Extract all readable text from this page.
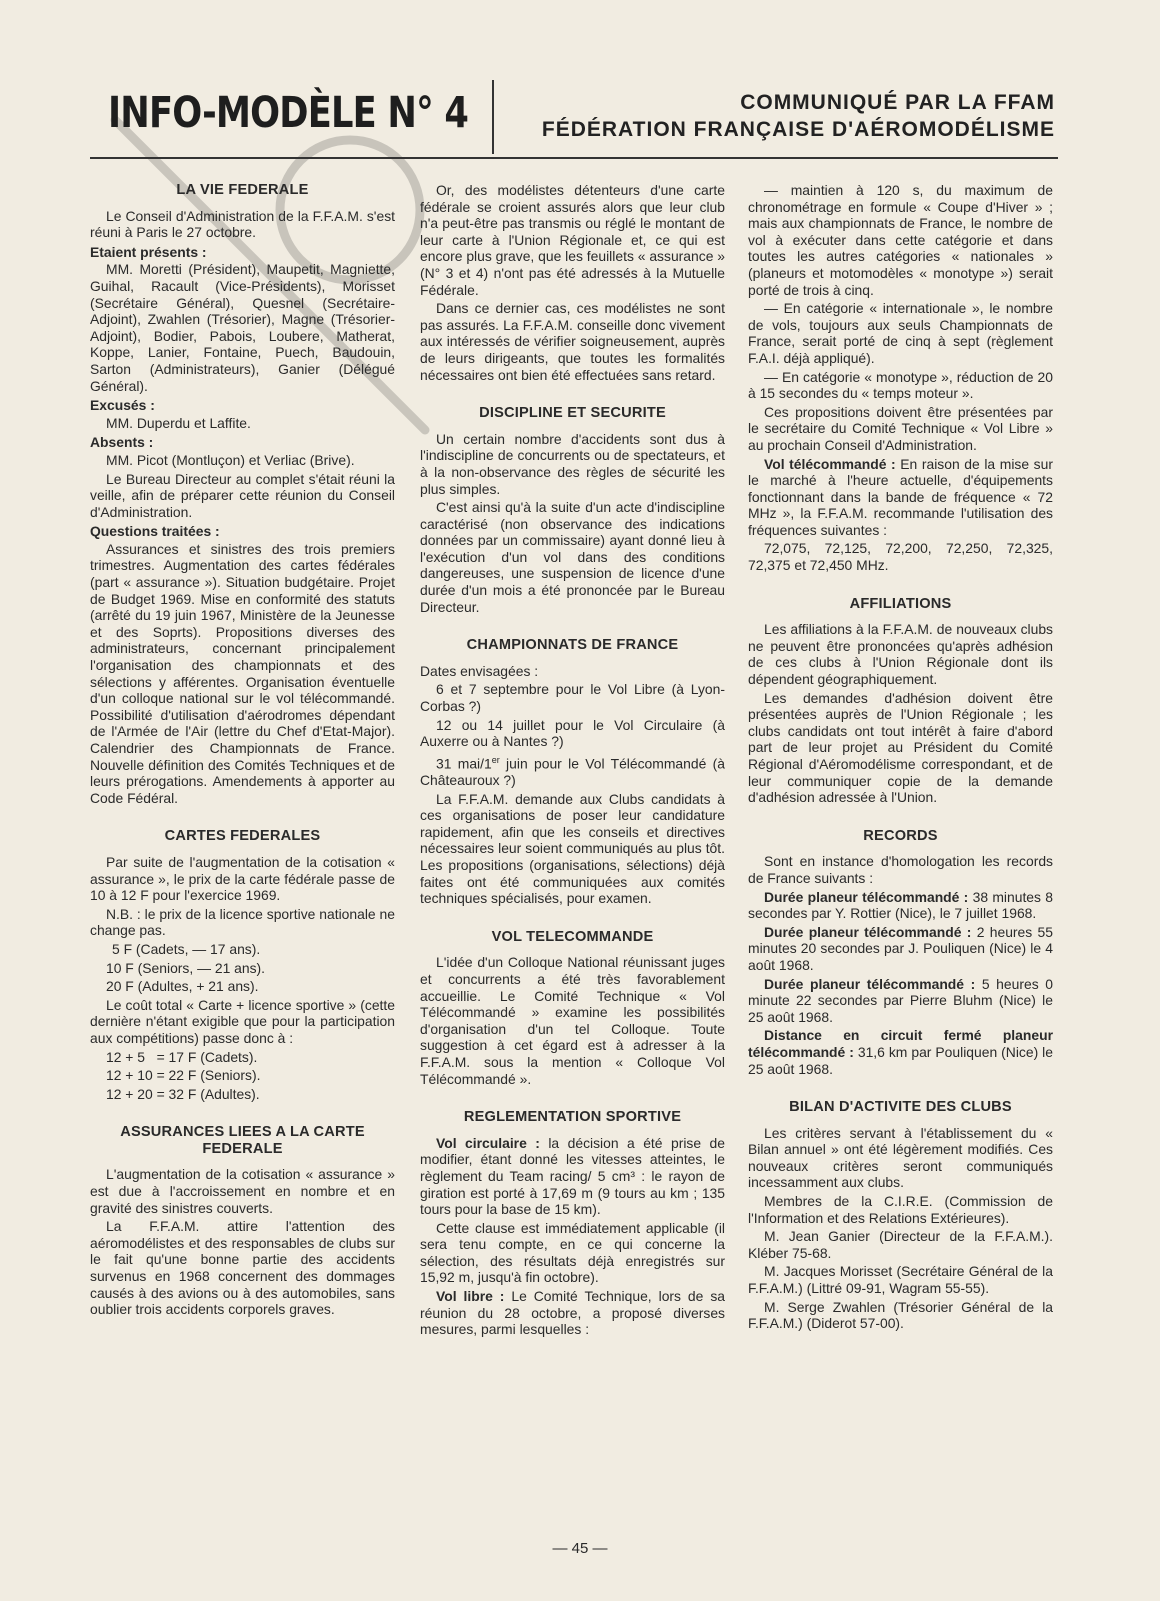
INFO-MODÈLE N° 4	COMMUNIQUÉ PAR LA FFAM
FÉDÉRATION FRANÇAISE D'AÉROMODÉLISME
LA VIE FEDERALE

Le Conseil d'Administration de la F.F.A.M. s'est réuni à Paris le 27 octobre.

Etaient présents :

MM. Moretti (Président), Maupetit, Magniette, Guihal, Racault (Vice-Présidents), Morisset (Secrétaire Général), Quesnel (Secrétaire-Adjoint), Zwahlen (Trésorier), Magne (Trésorier-Adjoint), Bodier, Pabois, Loubere, Matherat, Koppe, Lanier, Fontaine, Puech, Baudouin, Sarton (Administrateurs), Ganier (Délégué Général).

Excusés :

MM. Duperdu et Laffite.

Absents :

MM. Picot (Montluçon) et Verliac (Brive).

Le Bureau Directeur au complet s'était réuni la veille, afin de préparer cette réunion du Conseil d'Administration.

Questions traitées :

Assurances et sinistres des trois premiers trimestres. Augmentation des cartes fédérales (part « assurance »). Situation budgétaire. Projet de Budget 1969. Mise en conformité des statuts (arrêté du 19 juin 1967, Ministère de la Jeunesse et des Soprts). Propositions diverses des administrateurs, concernant principalement l'organisation des championnats et des sélections y afférentes. Organisation éventuelle d'un colloque national sur le vol télécommandé. Possibilité d'utilisation d'aérodromes dépendant de l'Armée de l'Air (lettre du Chef d'Etat-Major). Calendrier des Championnats de France. Nouvelle définition des Comités Techniques et de leurs prérogations. Amendements à apporter au Code Fédéral.

CARTES FEDERALES

Par suite de l'augmentation de la cotisation « assurance », le prix de la carte fédérale passe de 10 à 12 F pour l'exercice 1969.

N.B. : le prix de la licence sportive nationale ne change pas.

5 F (Cadets, — 17 ans).

10 F (Seniors, — 21 ans).

20 F (Adultes, + 21 ans).

Le coût total « Carte + licence sportive » (cette dernière n'étant exigible que pour la participation aux compétitions) passe donc à :

12 + 5   = 17 F (Cadets).

12 + 10 = 22 F (Seniors).

12 + 20 = 32 F (Adultes).

ASSURANCES LIEES A LA CARTE FEDERALE

L'augmentation de la cotisation « assurance » est due à l'accroissement en nombre et en gravité des sinistres couverts.

La F.F.A.M. attire l'attention des aéromodélistes et des responsables de clubs sur le fait qu'une bonne partie des accidents survenus en 1968 concernent des dommages causés à des avions ou à des automobiles, sans oublier trois accidents corporels graves.

Or, des modélistes détenteurs d'une carte fédérale se croient assurés alors que leur club n'a peut-être pas transmis ou réglé le montant de leur carte à l'Union Régionale et, ce qui est encore plus grave, que les feuillets « assurance » (N° 3 et 4) n'ont pas été adressés à la Mutuelle Fédérale.

Dans ce dernier cas, ces modélistes ne sont pas assurés. La F.F.A.M. conseille donc vivement aux intéressés de vérifier soigneusement, auprès de leurs dirigeants, que toutes les formalités nécessaires ont bien été effectuées sans retard.

DISCIPLINE ET SECURITE

Un certain nombre d'accidents sont dus à l'indiscipline de concurrents ou de spectateurs, et à la non-observance des règles de sécurité les plus simples.

C'est ainsi qu'à la suite d'un acte d'indiscipline caractérisé (non observance des indications données par un commissaire) ayant donné lieu à l'exécution d'un vol dans des conditions dangereuses, une suspension de licence d'une durée d'un mois a été prononcée par le Bureau Directeur.

CHAMPIONNATS DE FRANCE

Dates envisagées :

6 et 7 septembre pour le Vol Libre (à Lyon-Corbas ?)

12 ou 14 juillet pour le Vol Circulaire (à Auxerre ou à Nantes ?)

31 mai/1er juin pour le Vol Télécommandé (à Châteauroux ?)

La F.F.A.M. demande aux Clubs candidats à ces organisations de poser leur candidature rapidement, afin que les conseils et directives nécessaires leur soient communiqués au plus tôt. Les propositions (organisations, sélections) déjà faites ont été communiquées aux comités techniques spécialisés, pour examen.

VOL TELECOMMANDE

L'idée d'un Colloque National réunissant juges et concurrents a été très favorablement accueillie. Le Comité Technique « Vol Télécommandé » examine les possibilités d'organisation d'un tel Colloque. Toute suggestion à cet égard est à adresser à la F.F.A.M. sous la mention « Colloque Vol Télécommandé ».

REGLEMENTATION SPORTIVE

Vol circulaire : la décision a été prise de modifier, étant donné les vitesses atteintes, le règlement du Team racing/ 5 cm³ : le rayon de giration est porté à 17,69 m (9 tours au km ; 135 tours pour la base de 15 km).

Cette clause est immédiatement applicable (il sera tenu compte, en ce qui concerne la sélection, des résultats déjà enregistrés sur 15,92 m, jusqu'à fin octobre).

Vol libre : Le Comité Technique, lors de sa réunion du 28 octobre, a proposé diverses mesures, parmi lesquelles :

— maintien à 120 s, du maximum de chronométrage en formule « Coupe d'Hiver » ; mais aux championnats de France, le nombre de vol à exécuter dans cette catégorie et dans toutes les autres catégories « nationales » (planeurs et motomodèles « monotype ») serait porté de trois à cinq.

— En catégorie « internationale », le nombre de vols, toujours aux seuls Championnats de France, serait porté de cinq à sept (règlement F.A.I. déjà appliqué).

— En catégorie « monotype », réduction de 20 à 15 secondes du « temps moteur ».

Ces propositions doivent être présentées par le secrétaire du Comité Technique « Vol Libre » au prochain Conseil d'Administration.

Vol télécommandé : En raison de la mise sur le marché à l'heure actuelle, d'équipements fonctionnant dans la bande de fréquence « 72 MHz », la F.F.A.M. recommande l'utilisation des fréquences suivantes :

72,075, 72,125, 72,200, 72,250, 72,325, 72,375 et 72,450 MHz.

AFFILIATIONS

Les affiliations à la F.F.A.M. de nouveaux clubs ne peuvent être prononcées qu'après adhésion de ces clubs à l'Union Régionale dont ils dépendent géographiquement.

Les demandes d'adhésion doivent être présentées auprès de l'Union Régionale ; les clubs candidats ont tout intérêt à faire d'abord part de leur projet au Président du Comité Régional d'Aéromodélisme correspondant, et de leur communiquer copie de la demande d'adhésion adressée à l'Union.

RECORDS

Sont en instance d'homologation les records de France suivants :

Durée planeur télécommandé : 38 minutes 8 secondes par Y. Rottier (Nice), le 7 juillet 1968.

Durée planeur télécommandé : 2 heures 55 minutes 20 secondes par J. Pouliquen (Nice) le 4 août 1968.

Durée planeur télécommandé : 5 heures 0 minute 22 secondes par Pierre Bluhm (Nice) le 25 août 1968.

Distance en circuit fermé planeur télécommandé : 31,6 km par Pouliquen (Nice) le 25 août 1968.

BILAN D'ACTIVITE DES CLUBS

Les critères servant à l'établissement du « Bilan annuel » ont été légèrement modifiés. Ces nouveaux critères seront communiqués incessamment aux clubs.

Membres de la C.I.R.E. (Commission de l'Information et des Relations Extérieures).

M. Jean Ganier (Directeur de la F.F.A.M.). Kléber 75-68.

M. Jacques Morisset (Secrétaire Général de la F.F.A.M.) (Littré 09-91, Wagram 55-55).

M. Serge Zwahlen (Trésorier Général de la F.F.A.M.) (Diderot 57-00).

— 45 —
